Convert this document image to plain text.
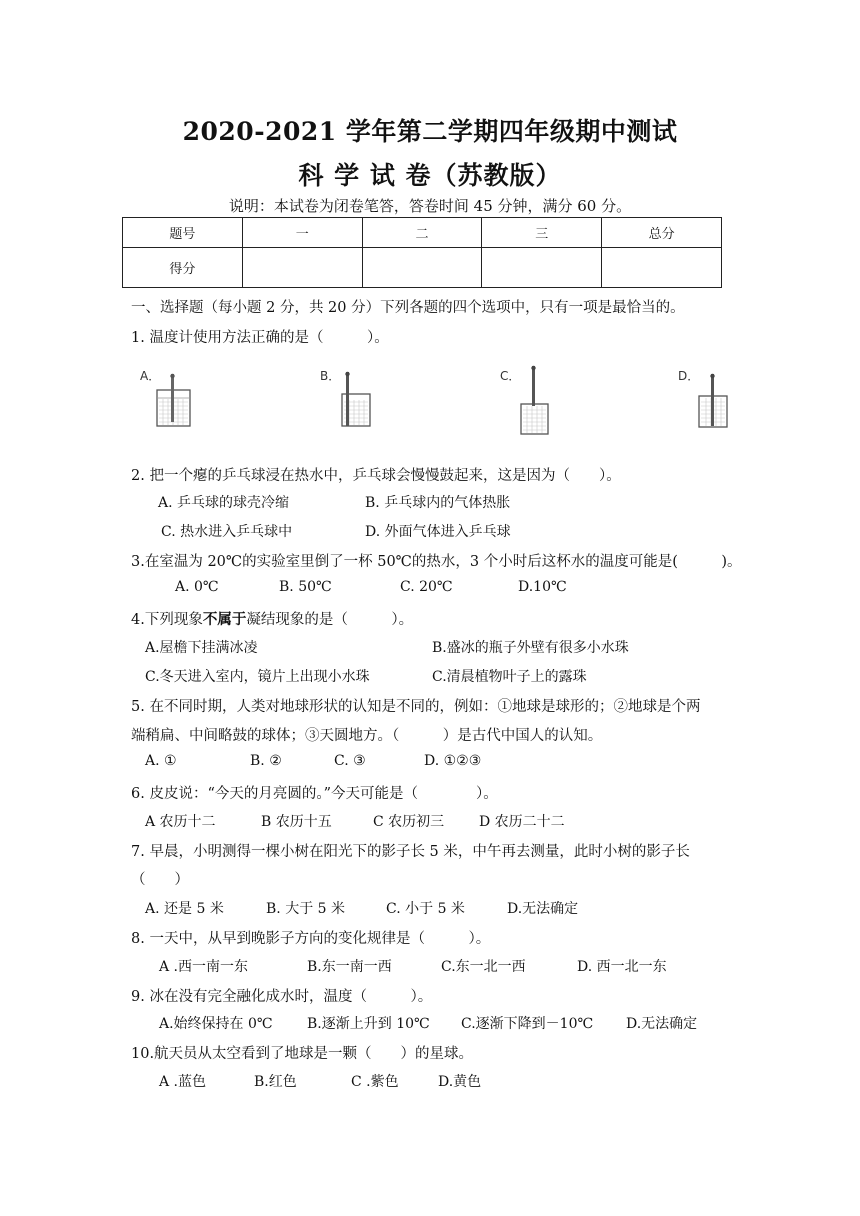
2020-2021 学年第二学期四年级期中测试
科 学 试 卷（苏教版）
说明：本试卷为闭卷笔答，答卷时间 45 分钟，满分 60 分。
题号	一	二	三	总分
得分				
一、选择题（每小题 2 分，共 20 分）下列各题的四个选项中，只有一项是最恰当的。
1. 温度计使用方法正确的是（　　　）。
A．	B．	C．	D．
2. 把一个瘪的乒乓球浸在热水中，乒乓球会慢慢鼓起来，这是因为（　　）。
A. 乒乓球的球壳冷缩	B. 乒乓球内的气体热胀
C. 热水进入乒乓球中	D. 外面气体进入乒乓球
3.在室温为 20℃的实验室里倒了一杯 50℃的热水，3 个小时后这杯水的温度可能是(　　　)。
A. 0℃	B. 50℃	C. 20℃	D.10℃
4.下列现象不属于凝结现象的是（　　　）。
A.屋檐下挂满冰凌	B.盛冰的瓶子外壁有很多小水珠
C.冬天进入室内，镜片上出现小水珠	C.清晨植物叶子上的露珠
5. 在不同时期，人类对地球形状的认知是不同的，例如：①地球是球形的；②地球是个两
端稍扁、中间略鼓的球体；③天圆地方。（　　　）是古代中国人的认知。
A. ①	B. ②	C. ③	D. ①②③
6. 皮皮说：“今天的月亮圆的。”今天可能是（　　　　）。
A 农历十二	B 农历十五	C 农历初三 D 农历二十二
7. 早晨，小明测得一棵小树在阳光下的影子长 5 米，中午再去测量，此时小树的影子长
（　　）
A. 还是 5 米	B. 大于 5 米	C. 小于 5 米	D.无法确定
8. 一天中，从早到晚影子方向的变化规律是（　　　）。
A .西一南一东	B.东一南一西	C.东一北一西	D. 西一北一东
9. 冰在没有完全融化成水时，温度（　　　）。
A.始终保持在 0℃ B.逐渐上升到 10℃ C.逐渐下降到－10℃ D.无法确定
10.航天员从太空看到了地球是一颗（　　）的星球。
A .蓝色	B.红色	C .紫色	D.黄色
